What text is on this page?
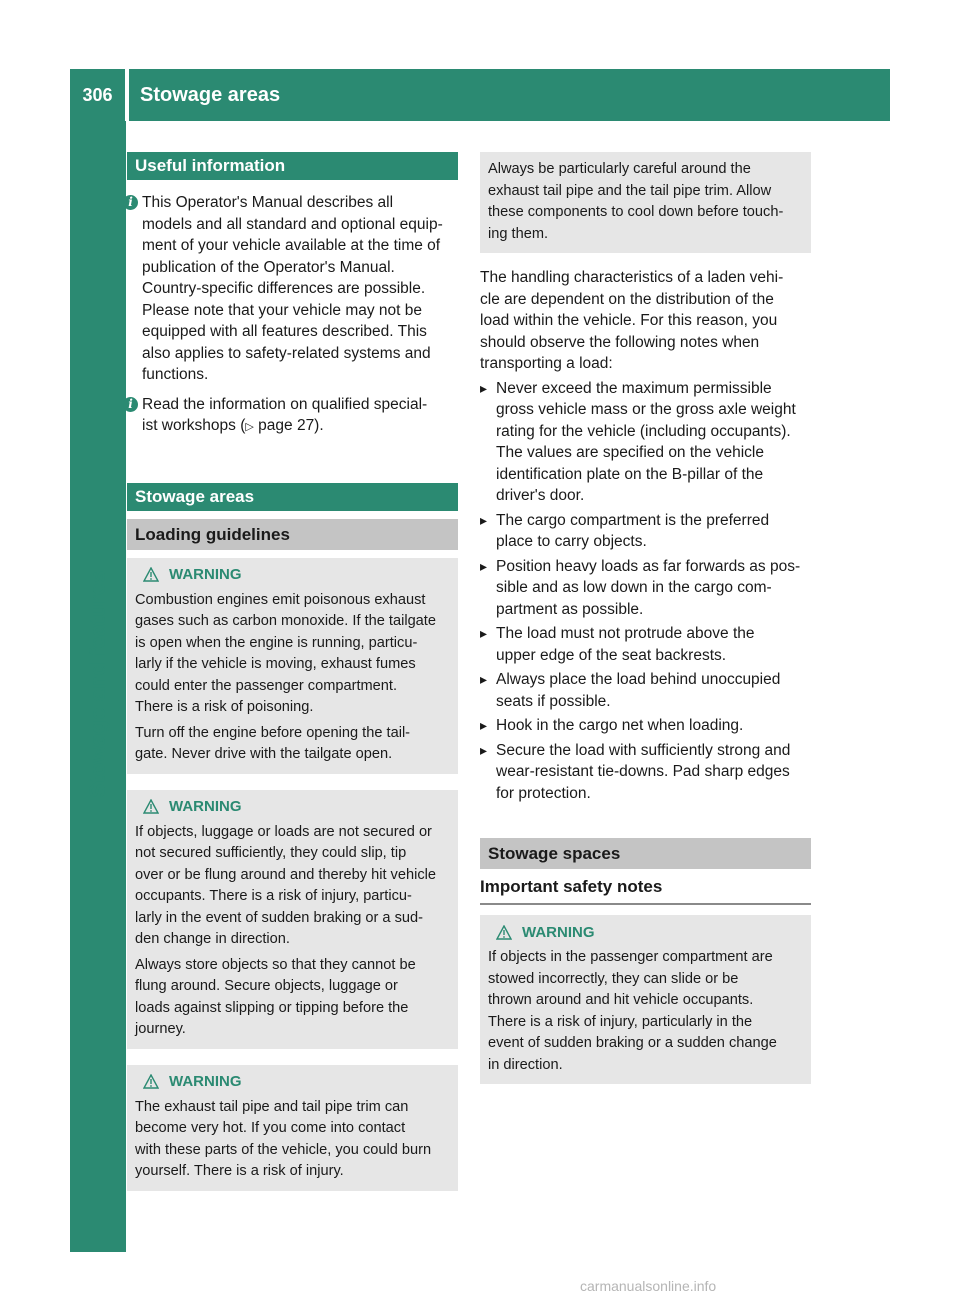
306	Stowage areas
Stowage and features
Useful information
i This Operator's Manual describes all
models and all standard and optional equip-
ment of your vehicle available at the time of
publication of the Operator's Manual.
Country-specific differences are possible.
Please note that your vehicle may not be
equipped with all features described. This
also applies to safety-related systems and
functions.
i Read the information on qualified special-
ist workshops (▷ page 27).
Stowage areas
Loading guidelines
WARNING

Combustion engines emit poisonous exhaust
gases such as carbon monoxide. If the tailgate
is open when the engine is running, particu-
larly if the vehicle is moving, exhaust fumes
could enter the passenger compartment.
There is a risk of poisoning.

Turn off the engine before opening the tail-
gate. Never drive with the tailgate open.

WARNING

If objects, luggage or loads are not secured or
not secured sufficiently, they could slip, tip
over or be flung around and thereby hit vehicle
occupants. There is a risk of injury, particu-
larly in the event of sudden braking or a sud-
den change in direction.

Always store objects so that they cannot be
flung around. Secure objects, luggage or
loads against slipping or tipping before the
journey.

WARNING

The exhaust tail pipe and tail pipe trim can
become very hot. If you come into contact
with these parts of the vehicle, you could burn
yourself. There is a risk of injury.

Always be particularly careful around the
exhaust tail pipe and the tail pipe trim. Allow
these components to cool down before touch-
ing them.

The handling characteristics of a laden vehi-
cle are dependent on the distribution of the
load within the vehicle. For this reason, you
should observe the following notes when
transporting a load:

▸ Never exceed the maximum permissible
gross vehicle mass or the gross axle weight
rating for the vehicle (including occupants).
The values are specified on the vehicle
identification plate on the B-pillar of the
driver's door.
▸ The cargo compartment is the preferred
place to carry objects.
▸ Position heavy loads as far forwards as pos-
sible and as low down in the cargo com-
partment as possible.
▸ The load must not protrude above the
upper edge of the seat backrests.
▸ Always place the load behind unoccupied
seats if possible.
▸ Hook in the cargo net when loading.
▸ Secure the load with sufficiently strong and
wear-resistant tie-downs. Pad sharp edges
for protection.
Stowage spaces
Important safety notes
WARNING

If objects in the passenger compartment are
stowed incorrectly, they can slide or be
thrown around and hit vehicle occupants.
There is a risk of injury, particularly in the
event of sudden braking or a sudden change
in direction.

carmanualsonline.info
